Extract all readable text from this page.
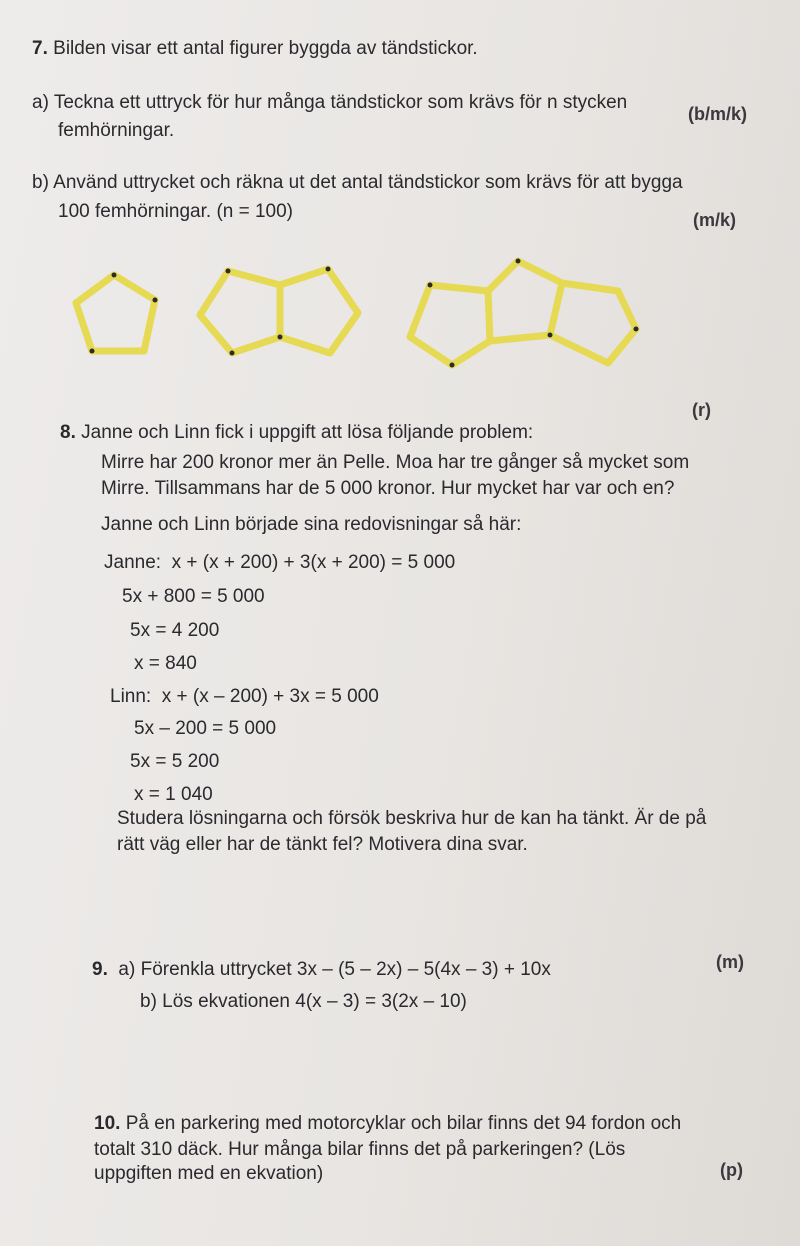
7. Bilden visar ett antal figurer byggda av tändstickor.
a) Teckna ett uttryck för hur många tändstickor som krävs för n stycken
femhörningar.
(b/m/k)
b) Använd uttrycket och räkna ut det antal tändstickor som krävs för att bygga
100 femhörningar. (n = 100)	(m/k)
8. Janne och Linn fick i uppgift att lösa följande problem:
(r)
Mirre har 200 kronor mer än Pelle. Moa har tre gånger så mycket som
Mirre. Tillsammans har de 5 000 kronor. Hur mycket har var och en?
Janne och Linn började sina redovisningar så här:
Janne: x + (x + 200) + 3(x + 200) = 5 000
5x + 800 = 5 000
5x = 4 200
x = 840
Linn: x + (x – 200) + 3x = 5 000
5x – 200 = 5 000
5x = 5 200
x = 1 040
Studera lösningarna och försök beskriva hur de kan ha tänkt. Är de på
rätt väg eller har de tänkt fel? Motivera dina svar.
9. a) Förenkla uttrycket 3x – (5 – 2x) – 5(4x – 3) + 10x	(m)
b) Lös ekvationen 4(x – 3) = 3(2x – 10)
10. På en parkering med motorcyklar och bilar finns det 94 fordon och
totalt 310 däck. Hur många bilar finns det på parkeringen? (Lös
uppgiften med en ekvation)	(p)
